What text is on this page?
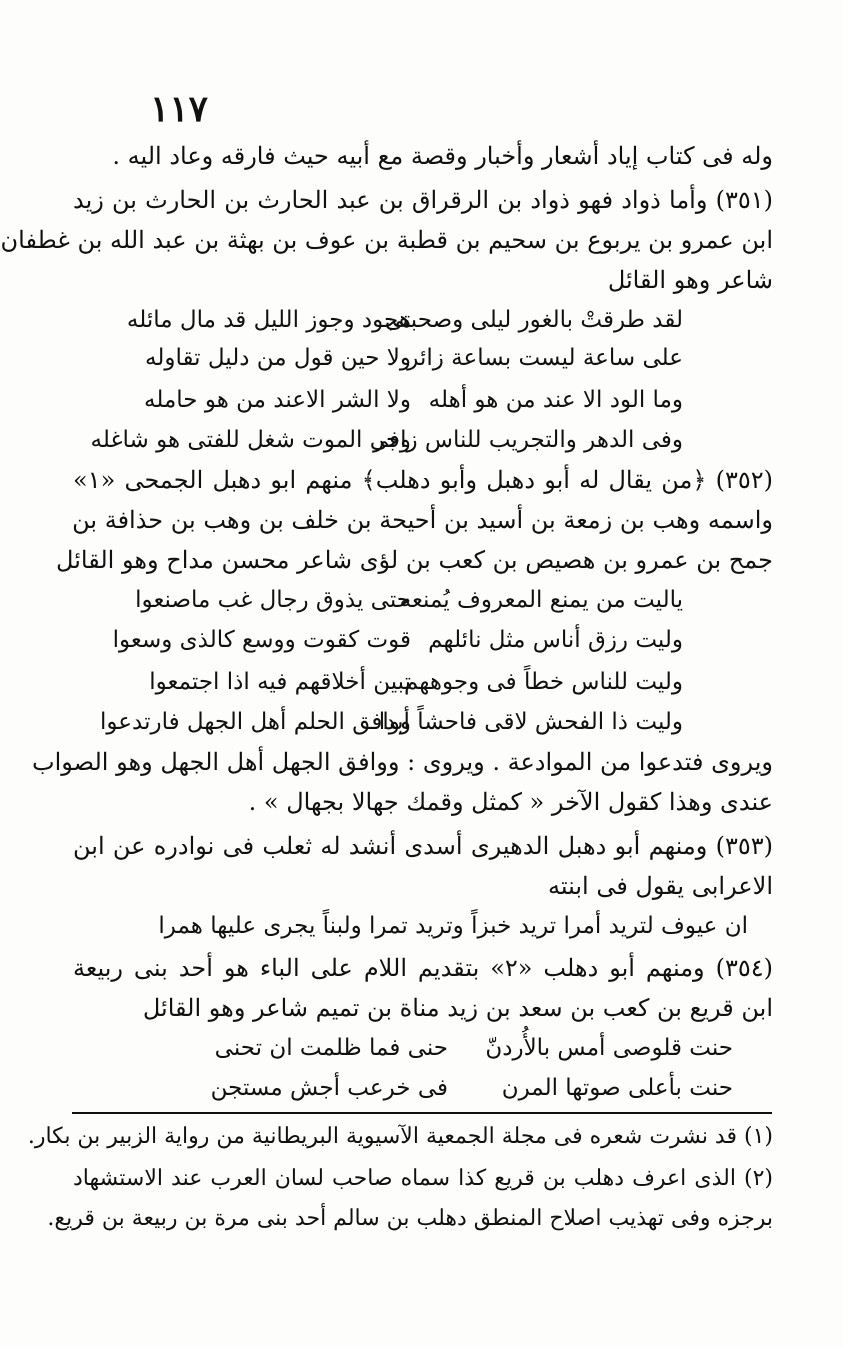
١١٧
وله فى كتاب إياد أشعار وأخبار وقصة مع أبيه حيث فارقه وعاد اليه .
(٣٥١) وأما ذواد فهو ذواد بن الرقراق بن عبد الحارث بن الحارث بن زيد
ابن عمرو بن يربوع بن سحيم بن قطبة بن عوف بن بهثة بن عبد الله بن غطفان
شاعر وهو القائل
لقد طرقتْ بالغور ليلى وصحبتى
هجود وجوز الليل قد مال مائله
على ساعة ليست بساعة زائر
ولا حين قول من دليل تقاوله
وما الود الا عند من هو أهله
ولا الشر الاعند من هو حامله
وفى الدهر والتجريب للناس زاجر
وفى الموت شغل للفتى هو شاغله
(٣٥٢) ﴿من يقال له أبو دهبل وأبو دهلب﴾ منهم ابو دهبل الجمحى «١»
واسمه وهب بن زمعة بن أسيد بن أحيحة بن خلف بن وهب بن حذافة بن
جمح بن عمرو بن هصيص بن كعب بن لؤى شاعر محسن مداح وهو القائل
ياليت من يمنع المعروف يُمنعه
حتى يذوق رجال غب ماصنعوا
وليت رزق أناس مثل نائلهم
قوت كقوت ووسع كالذى وسعوا
وليت للناس خطاً فى وجوههم
تبين أخلاقهم فيه اذا اجتمعوا
وليت ذا الفحش لاقى فاحشاً أبدا
ووافق الحلم أهل الجهل فارتدعوا
ويروى فتدعوا من الموادعة . ويروى : ووافق الجهل أهل الجهل وهو الصواب
عندى وهذا كقول الآخر « كمثل وقمك جهالا بجهال » .
(٣٥٣) ومنهم أبو دهبل الدهيرى أسدى أنشد له ثعلب فى نوادره عن ابن
الاعرابى يقول فى ابنته
ان عيوف لتريد أمرا تريد خبزاً وتريد تمرا ولبناً يجرى عليها همرا
(٣٥٤) ومنهم أبو دهلب «٢» بتقديم اللام على الباء هو أحد بنى ربيعة
ابن قريع بن كعب بن سعد بن زيد مناة بن تميم شاعر وهو القائل
حنت قلوصى أمس بالأُردنّ
حنى فما ظلمت ان تحنى
حنت بأعلى صوتها المرن
فى خرعب أجش مستجن
(١) قد نشرت شعره فى مجلة الجمعية الآسيوية البريطانية من رواية الزبير بن بكار.
(٢) الذى اعرف دهلب بن قريع كذا سماه صاحب لسان العرب عند الاستشهاد
برجزه وفى تهذيب اصلاح المنطق دهلب بن سالم أحد بنى مرة بن ربيعة بن قريع.
